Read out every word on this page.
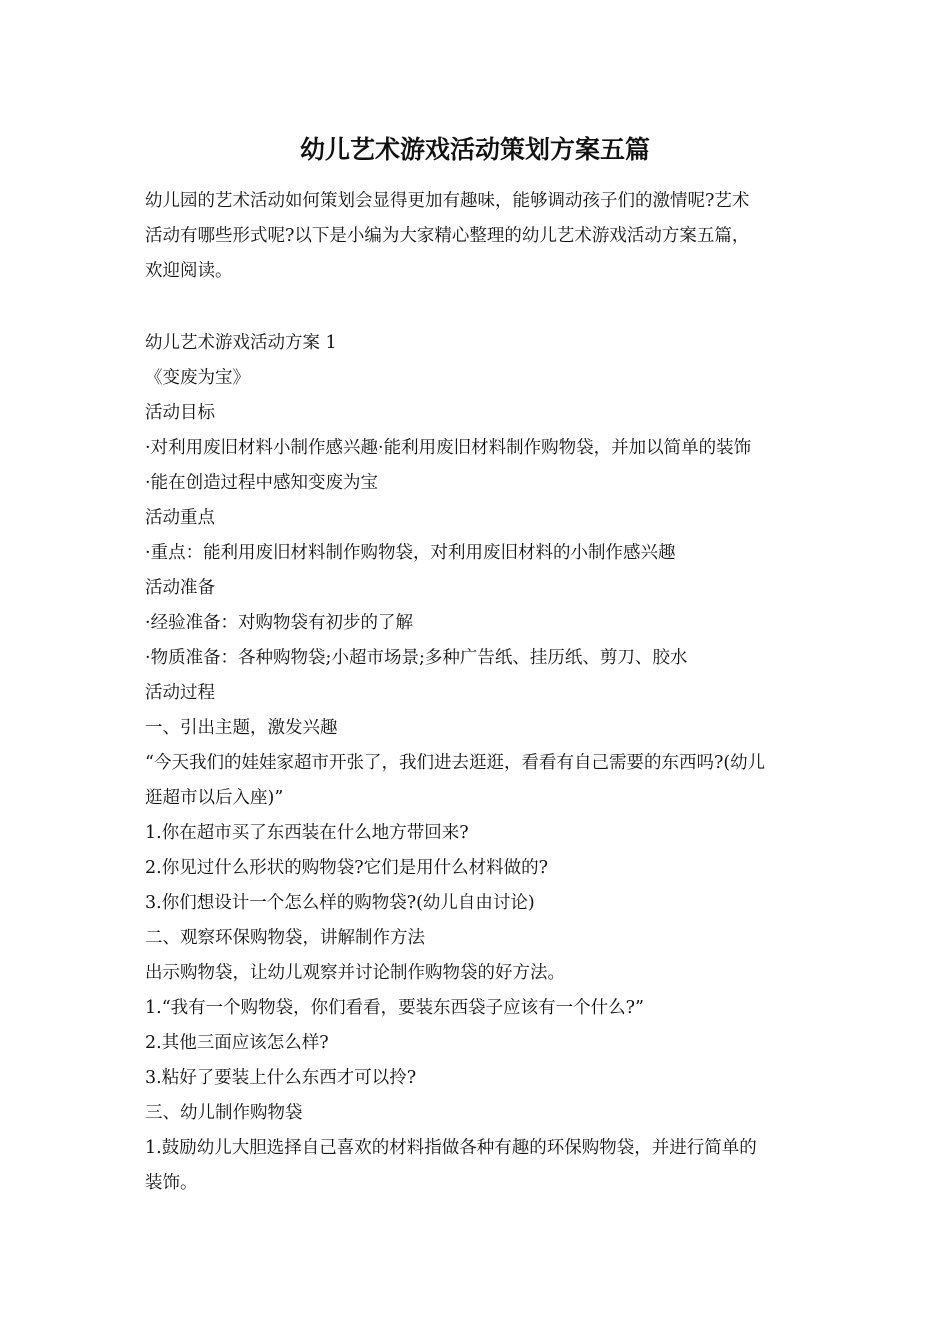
幼儿艺术游戏活动策划方案五篇

幼儿园的艺术活动如何策划会显得更加有趣味，能够调动孩子们的激情呢?艺术
活动有哪些形式呢?以下是小编为大家精心整理的幼儿艺术游戏活动方案五篇，
欢迎阅读。

幼儿艺术游戏活动方案 1
《变废为宝》
活动目标
·对利用废旧材料小制作感兴趣·能利用废旧材料制作购物袋，并加以简单的装饰
·能在创造过程中感知变废为宝
活动重点
·重点：能利用废旧材料制作购物袋，对利用废旧材料的小制作感兴趣
活动准备
·经验准备：对购物袋有初步的了解
·物质准备：各种购物袋;小超市场景;多种广告纸、挂历纸、剪刀、胶水
活动过程
一、引出主题，激发兴趣
“今天我们的娃娃家超市开张了，我们进去逛逛，看看有自己需要的东西吗?(幼儿
逛超市以后入座)”
1.你在超市买了东西装在什么地方带回来?
2.你见过什么形状的购物袋?它们是用什么材料做的?
3.你们想设计一个怎么样的购物袋?(幼儿自由讨论)
二、观察环保购物袋，讲解制作方法
出示购物袋，让幼儿观察并讨论制作购物袋的好方法。
1.“我有一个购物袋，你们看看，要装东西袋子应该有一个什么?”
2.其他三面应该怎么样?
3.粘好了要装上什么东西才可以拎?
三、幼儿制作购物袋
1.鼓励幼儿大胆选择自己喜欢的材料指做各种有趣的环保购物袋，并进行简单的
装饰。
